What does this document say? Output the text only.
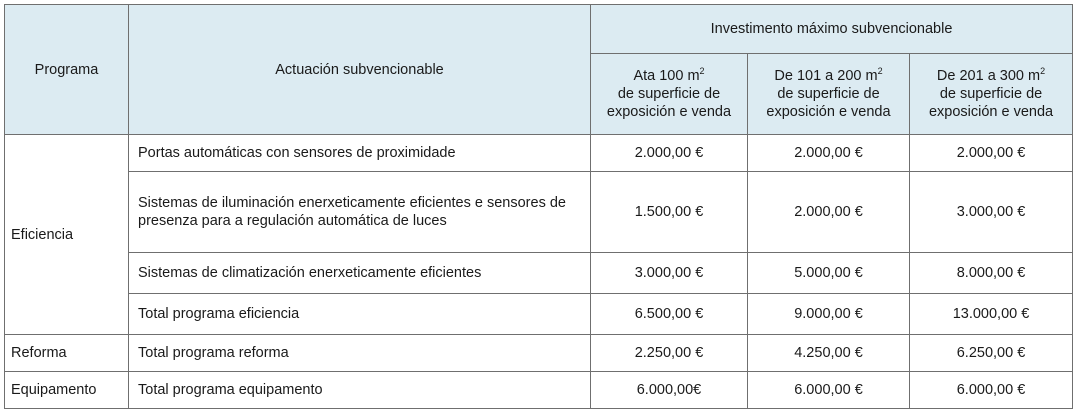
Programa	Actuación subvencionable	Investimento máximo subvencionable		

		Ata 100 $m^2$
de superficie de
exposición e venda	De 101 a 200 $m^2$
de superficie de
exposición e venda	De 201 a 300 $m^2$
de superficie de
exposición e venda

Eficiencia	Portas automáticas con sensores de proximidade	2.000,00 €	2.000,00 €	2.000,00 €
	Sistemas de iluminación enerxeticamente eficientes e sensores de presenza para a regulación automática de luces	1.500,00 €	2.000,00 €	3.000,00 €
	Sistemas de climatización enerxeticamente eficientes	3.000,00 €	5.000,00 €	8.000,00 €
	Total programa eficiencia	6.500,00 €	9.000,00 €	13.000,00 €
Reforma	Total programa reforma	2.250,00 €	4.250,00 €	6.250,00 €
Equipamento	Total programa equipamento	6.000,00€	6.000,00 €	6.000,00 €
